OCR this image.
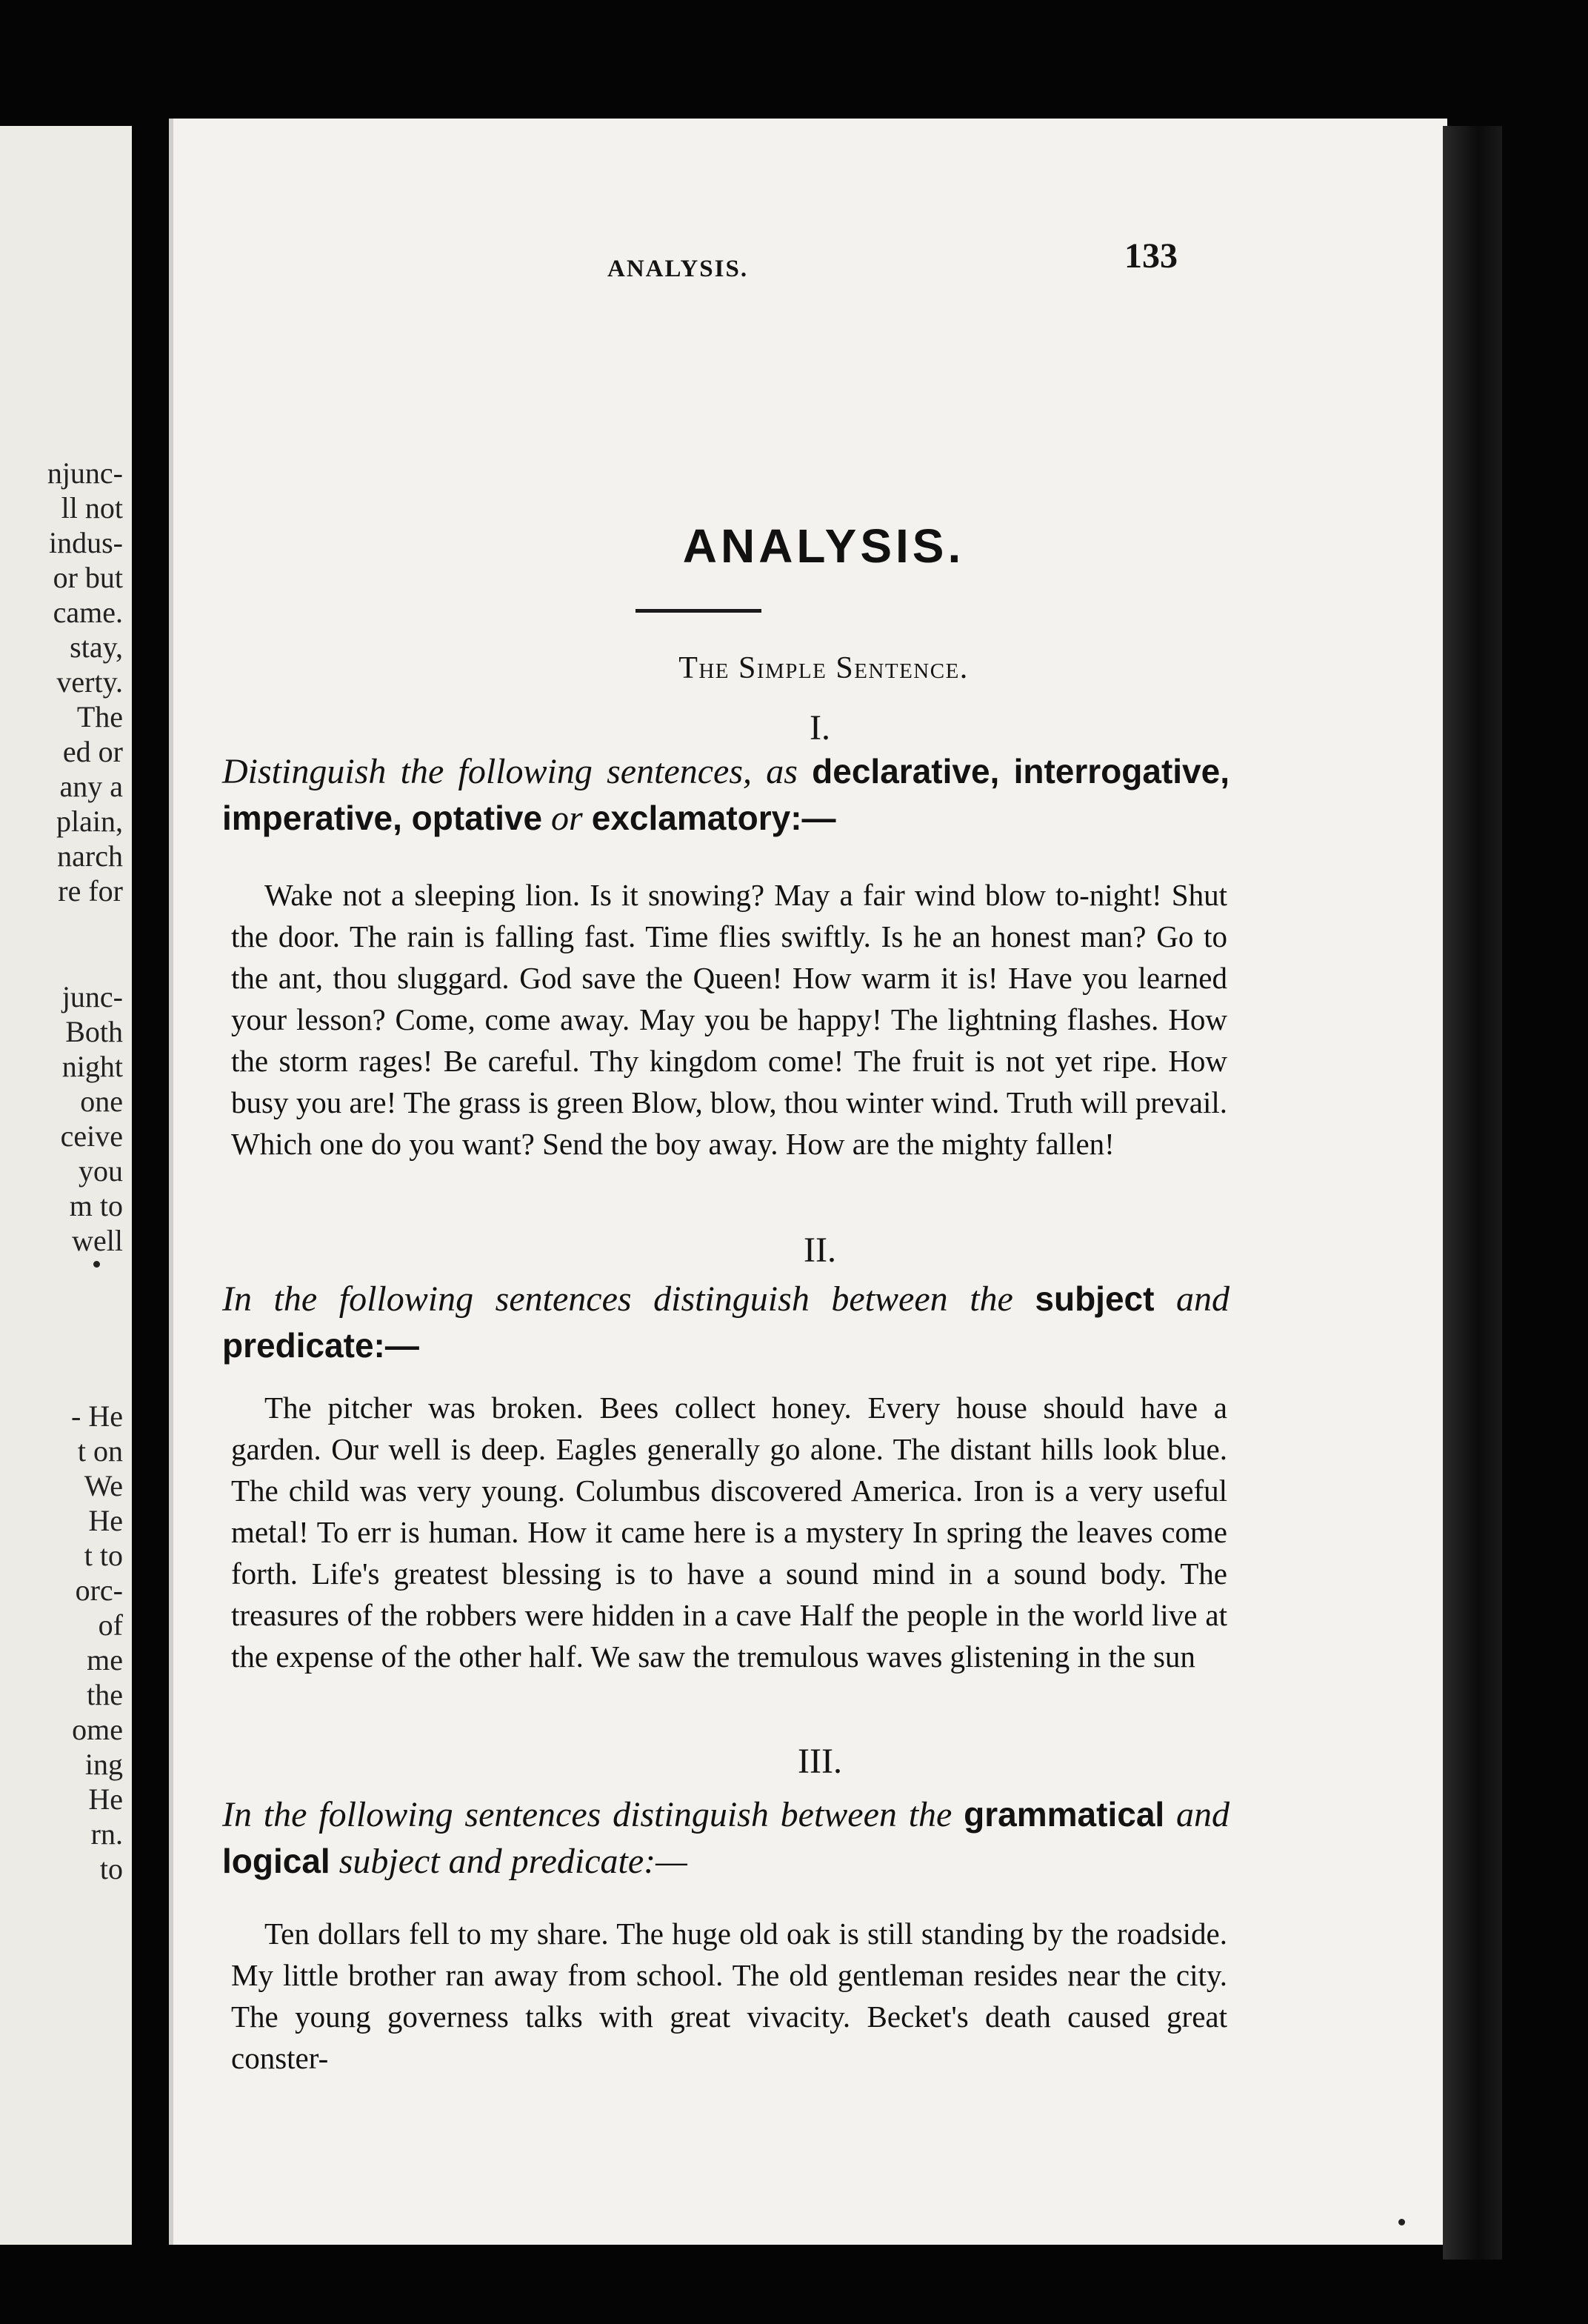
njunc-
ll not
indus-
or but
came.
stay,
verty.
The
ed or
any a
plain,
narch
re for
junc-
Both
night
one
ceive
you
m to
well
- He
t on
We
He
t to
orc-
of
me
the
ome
ing
He
rn.
to
ANALYSIS.	133
ANALYSIS.
The Simple Sentence.
I.
Distinguish the following sentences, as declarative, interrogative, imperative, optative or exclamatory:—
Wake not a sleeping lion. Is it snowing? May a fair wind blow to-night! Shut the door. The rain is falling fast. Time flies swiftly. Is he an honest man? Go to the ant, thou sluggard. God save the Queen! How warm it is! Have you learned your lesson? Come, come away. May you be happy! The lightning flashes. How the storm rages! Be careful. Thy kingdom come! The fruit is not yet ripe. How busy you are! The grass is green Blow, blow, thou winter wind. Truth will prevail. Which one do you want? Send the boy away. How are the mighty fallen!
II.
In the following sentences distinguish between the subject and predicate:—
The pitcher was broken. Bees collect honey. Every house should have a garden. Our well is deep. Eagles generally go alone. The distant hills look blue. The child was very young. Columbus discovered America. Iron is a very useful metal! To err is human. How it came here is a mystery In spring the leaves come forth. Life's greatest blessing is to have a sound mind in a sound body. The treasures of the robbers were hidden in a cave Half the people in the world live at the expense of the other half. We saw the tremulous waves glistening in the sun
III.
In the following sentences distinguish between the grammatical and logical subject and predicate:—
Ten dollars fell to my share. The huge old oak is still standing by the roadside. My little brother ran away from school. The old gentleman resides near the city. The young governess talks with great vivacity. Becket's death caused great conster-
